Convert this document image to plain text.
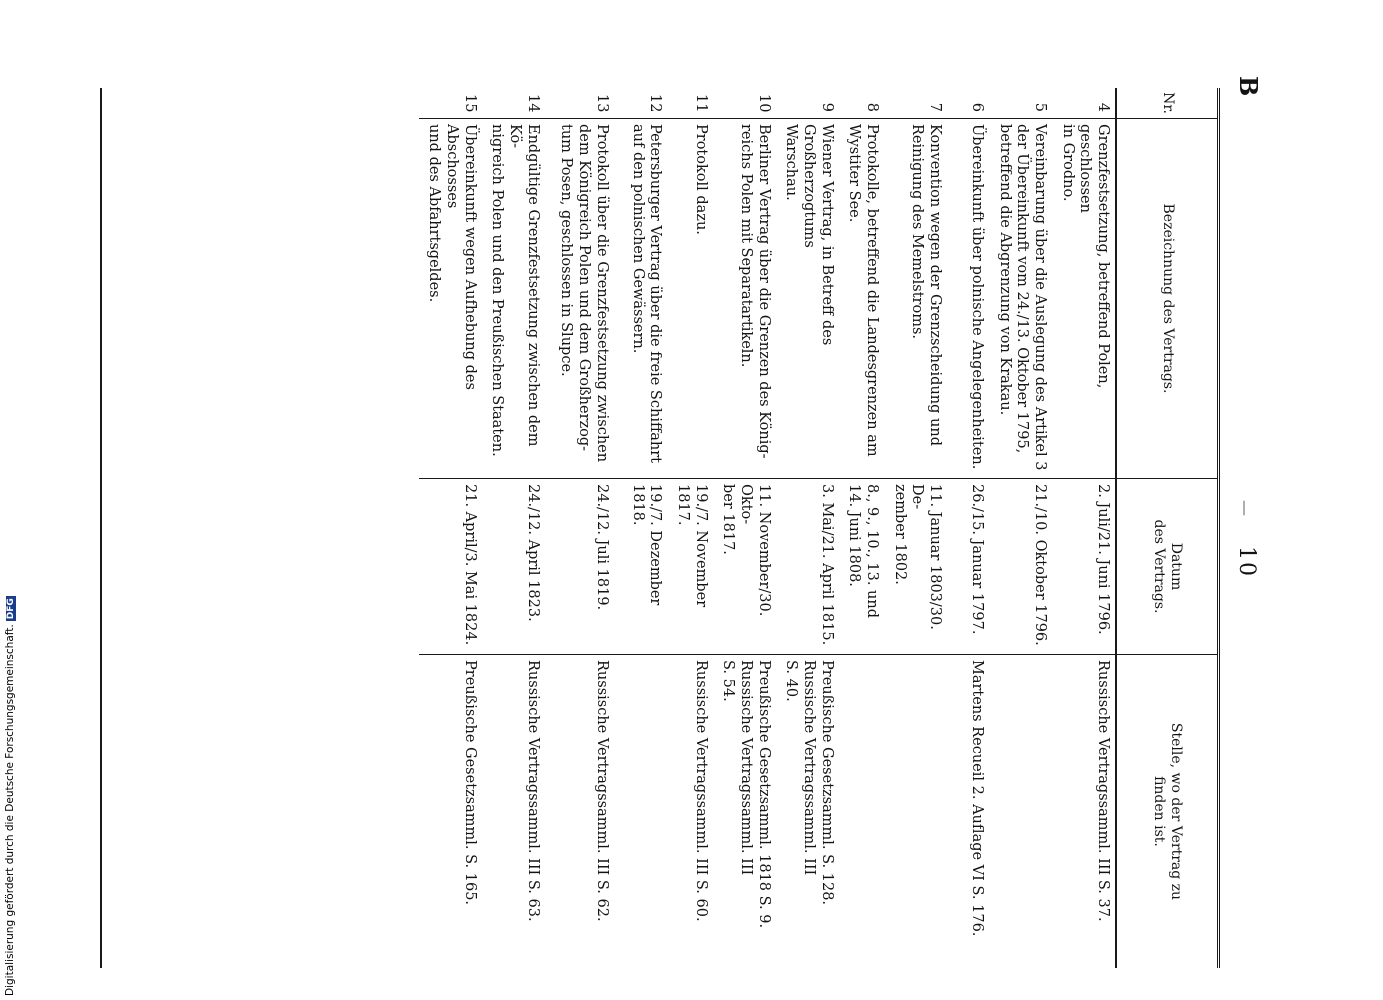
B
—10
Nr.
Bezeichnung des Vertrags.
Datum
des Vertrags.
Stelle, wo der Vertrag zu
finden ist.
4
Grenzfestsetzung, betreffend Polen, geschlossen
in Grodno.
2. Juli/21. Juni 1796.
Russische Vertragssamml. III S. 37.
5
Vereinbarung über die Auslegung des Artikel 3
der Übereinkunft vom 24./13. Oktober 1795,
betreffend die Abgrenzung von Krakau.
21./10. Oktober 1796.
6
Übereinkunft über polnische Angelegenheiten.
26./15. Januar 1797.
Martens Recueil 2. Auflage VI S. 176.
7
Konvention wegen der Grenzscheidung und
Reinigung des Memelstroms.
11. Januar 1803/30. De-
zember 1802.
8
Protokolle, betreffend die Landesgrenzen am
Wystiter See.
8., 9., 10., 13. und
14. Juni 1808.
9
Wiener Vertrag, in Betreff des Großherzogtums
Warschau.
3. Mai/21. April 1815.
Preußische Gesetzsamml. S. 128.
Russische Vertragssamml. III
S. 40.
10
Berliner Vertrag über die Grenzen des König-
reichs Polen mit Separatartikeln.
11. November/30. Okto-
ber 1817.
Preußische Gesetzsamml. 1818 S. 9.
Russische Vertragssamml. III
S. 54.
11
Protokoll dazu.
19./7. November 1817.
Russische Vertragssamml. III S. 60.
12
Petersburger Vertrag über die freie Schiffahrt
auf den polnischen Gewässern.
19./7. Dezember 1818.
13
Protokoll über die Grenzfestsetzung zwischen
dem Königreich Polen und dem Großherzog-
tum Posen, geschlossen in Slupce.
24./12. Juli 1819.
Russische Vertragssamml. III S. 62.
14
Endgültige Grenzfestsetzung zwischen dem Kö-
nigreich Polen und den Preußischen Staaten.
24./12. April 1823.
Russische Vertragssamml. III S. 63.
15
Übereinkunft wegen Aufhebung des Abschosses
und des Abfahrtsgeldes.
21. April/3. Mai 1824.
Preußische Gesetzsamml. S. 165.
Digitalisierung gefördert durch die Deutsche Forschungsgemeinschaft.DFG
